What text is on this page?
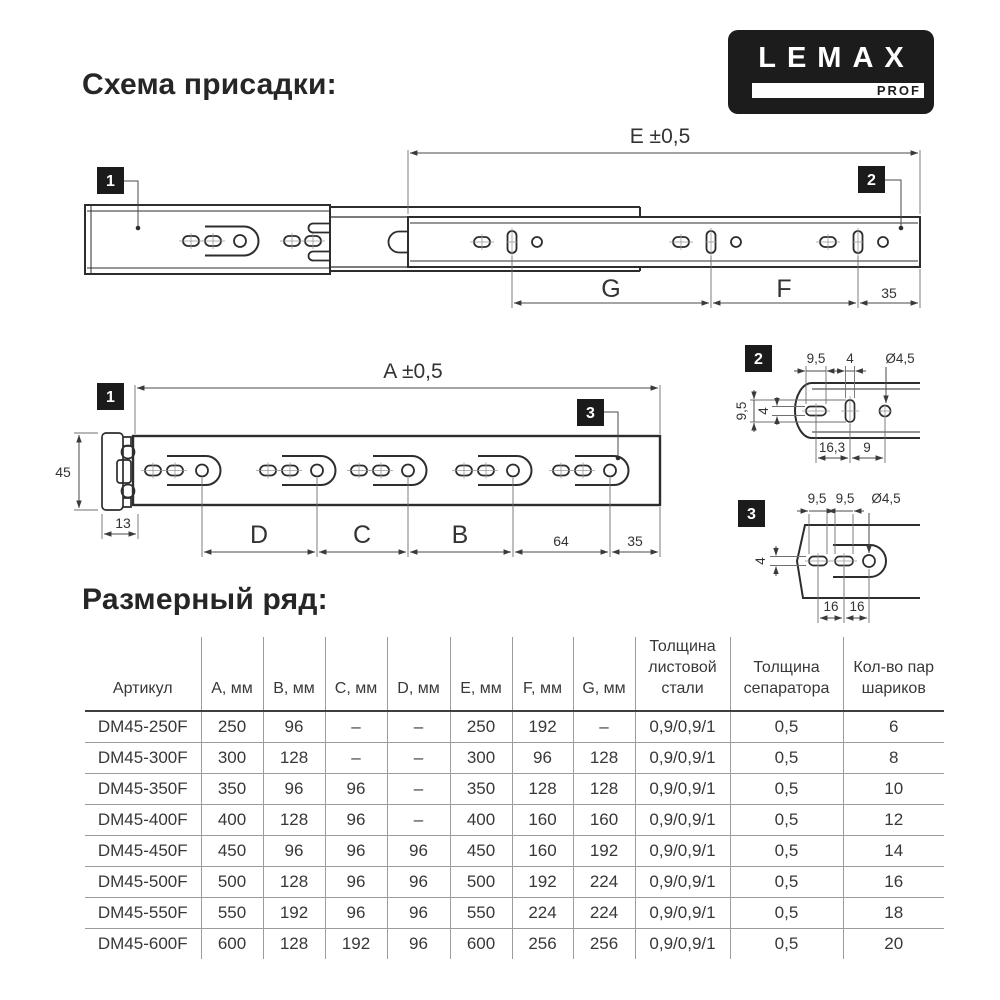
Схема присадки:
Размерный ряд:
LEMAX
PROF
E ±0,5
G	F	35
1	2
45
13
A ±0,5
D	C	B	64	35
1
3
2	9,5 4 Ø4,5
9,5 4
16,3 9
3
9,5 9,5 Ø4,5
4
16 16
Артикул	A, мм	B, мм	C, мм	D, мм	E, мм	F, мм	G, мм	Толщина листовой стали	Толщина сепаратора	Кол-во пар шариков
DM45-250F	250	96	–	–	250	192	–	0,9/0,9/1	0,5	6
DM45-300F	300	128	–	–	300	96	128	0,9/0,9/1	0,5	8
DM45-350F	350	96	96	–	350	128	128	0,9/0,9/1	0,5	10
DM45-400F	400	128	96	–	400	160	160	0,9/0,9/1	0,5	12
DM45-450F	450	96	96	96	450	160	192	0,9/0,9/1	0,5	14
DM45-500F	500	128	96	96	500	192	224	0,9/0,9/1	0,5	16
DM45-550F	550	192	96	96	550	224	224	0,9/0,9/1	0,5	18
DM45-600F	600	128	192	96	600	256	256	0,9/0,9/1	0,5	20
